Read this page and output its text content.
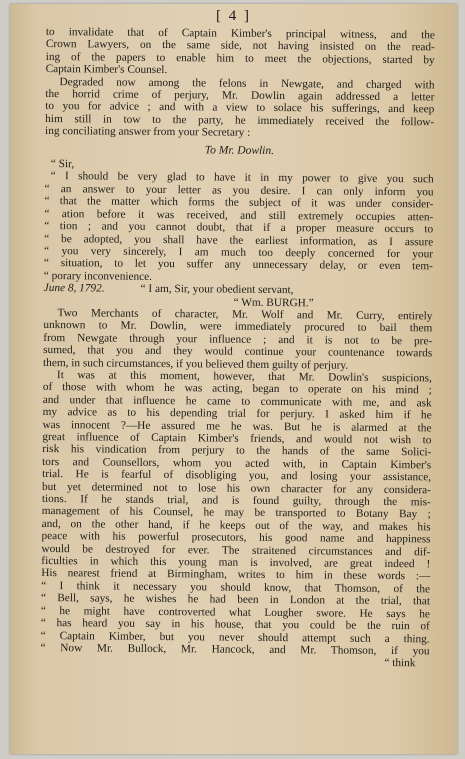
[ 4 ]
to invalidate that of Captain Kimber's principal witness, and the
Crown Lawyers, on the same side, not having insisted on the read-
ing of the papers to enable him to meet the objections, started by
Captain Kimber's Counsel.
Degraded now among the felons in Newgate, and charged with
the horrid crime of perjury, Mr. Dowlin again addressed a letter
to you for advice ; and with a view to solace his sufferings, and keep
him still in tow to the party, he immediately received the follow-
ing conciliating answer from your Secretary :
To Mr. Dowlin.
“ Sir,
“ I should be very glad to have it in my power to give you such
“ an answer to your letter as you desire. I can only inform you
“ that the matter which forms the subject of it was under consider-
“ ation before it was received, and still extremely occupies atten-
“ tion ; and you cannot doubt, that if a proper measure occurs to
“ be adopted, you shall have the earliest information, as I assure
“ you very sincerely, I am much too deeply concerned for your
“ situation, to let you suffer any unnecessary delay, or even tem-
“ porary inconvenience.
June 8, 1792.	“ I am, Sir, your obedient servant,
“ Wm. BURGH.”
Two Merchants of character, Mr. Wolf and Mr. Curry, entirely
unknown to Mr. Dowlin, were immediately procured to bail them
from Newgate through your influence ; and it is not to be pre-
sumed, that you and they would continue your countenance towards
them, in such circumstances, if you believed them guilty of perjury.
It was at this moment, however, that Mr. Dowlin's suspicions,
of those with whom he was acting, began to operate on his mind ;
and under that influence he came to communicate with me, and ask
my advice as to his depending trial for perjury. I asked him if he
was innocent ?—He assured me he was. But he is alarmed at the
great influence of Captain Kimber's friends, and would not wish to
risk his vindication from perjury to the hands of the same Solici-
tors and Counsellors, whom you acted with, in Captain Kimber's
trial. He is fearful of disobliging you, and losing your assistance,
but yet determined not to lose his own character for any considera-
tions. If he stands trial, and is found guilty, through the mis-
management of his Counsel, he may be transported to Botany Bay ;
and, on the other hand, if he keeps out of the way, and makes his
peace with his powerful prosecutors, his good name and happiness
would be destroyed for ever. The straitened circumstances and dif-
ficulties in which this young man is involved, are great indeed !
His nearest friend at Birmingham, writes to him in these words :—
“ I think it necessary you should know, that Thomson, of the
“ Bell, says, he wishes he had been in London at the trial, that
“ he might have controverted what Lougher swore. He says he
“ has heard you say in his house, that you could be the ruin of
“ Captain Kimber, but you never should attempt such a thing.
“ Now Mr. Bullock, Mr. Hancock, and Mr. Thomson, if you
“ think
